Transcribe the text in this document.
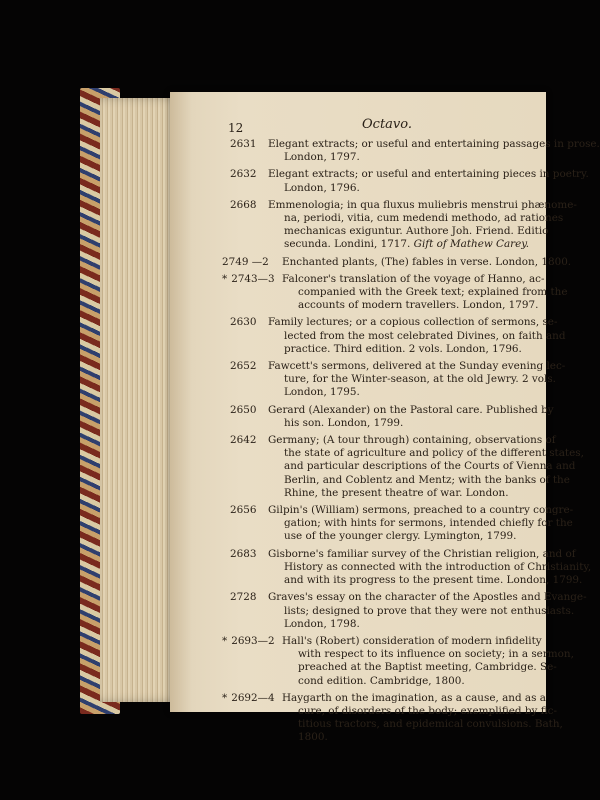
12	Octavo.
2631 Elegant extracts; or useful and entertaining passages in prose.
London, 1797.
2632 Elegant extracts; or useful and entertaining pieces in poetry.
London, 1796.
2668 Emmenologia; in qua fluxus muliebris menstrui phænome-
na, periodi, vitia, cum medendi methodo, ad rationes
mechanicas exiguntur. Authore Joh. Friend. Editio
secunda. Londini, 1717. Gift of Mathew Carey.
2749 —2 Enchanted plants, (The) fables in verse. London, 1800.
* 2743—3 Falconer's translation of the voyage of Hanno, ac-
companied with the Greek text; explained from the
accounts of modern travellers. London, 1797.
2630 Family lectures; or a copious collection of sermons, se-
lected from the most celebrated Divines, on faith and
practice. Third edition. 2 vols. London, 1796.
2652 Fawcett's sermons, delivered at the Sunday evening lec-
ture, for the Winter-season, at the old Jewry. 2 vols.
London, 1795.
2650 Gerard (Alexander) on the Pastoral care. Published by
his son. London, 1799.
2642 Germany; (A tour through) containing, observations of
the state of agriculture and policy of the different states,
and particular descriptions of the Courts of Vienna and
Berlin, and Coblentz and Mentz; with the banks of the
Rhine, the present theatre of war. London.
2656 Gilpin's (William) sermons, preached to a country congre-
gation; with hints for sermons, intended chiefly for the
use of the younger clergy. Lymington, 1799.
2683 Gisborne's familiar survey of the Christian religion, and of
History as connected with the introduction of Christianity,
and with its progress to the present time. London, 1799.
2728 Graves's essay on the character of the Apostles and Evange-
lists; designed to prove that they were not enthusiasts.
London, 1798.
* 2693—2 Hall's (Robert) consideration of modern infidelity
with respect to its influence on society; in a sermon,
preached at the Baptist meeting, Cambridge. Se-
cond edition. Cambridge, 1800.
* 2692—4 Haygarth on the imagination, as a cause, and as a
cure, of disorders of the body; exemplified by fic-
titious tractors, and epidemical convulsions. Bath,
1800.
